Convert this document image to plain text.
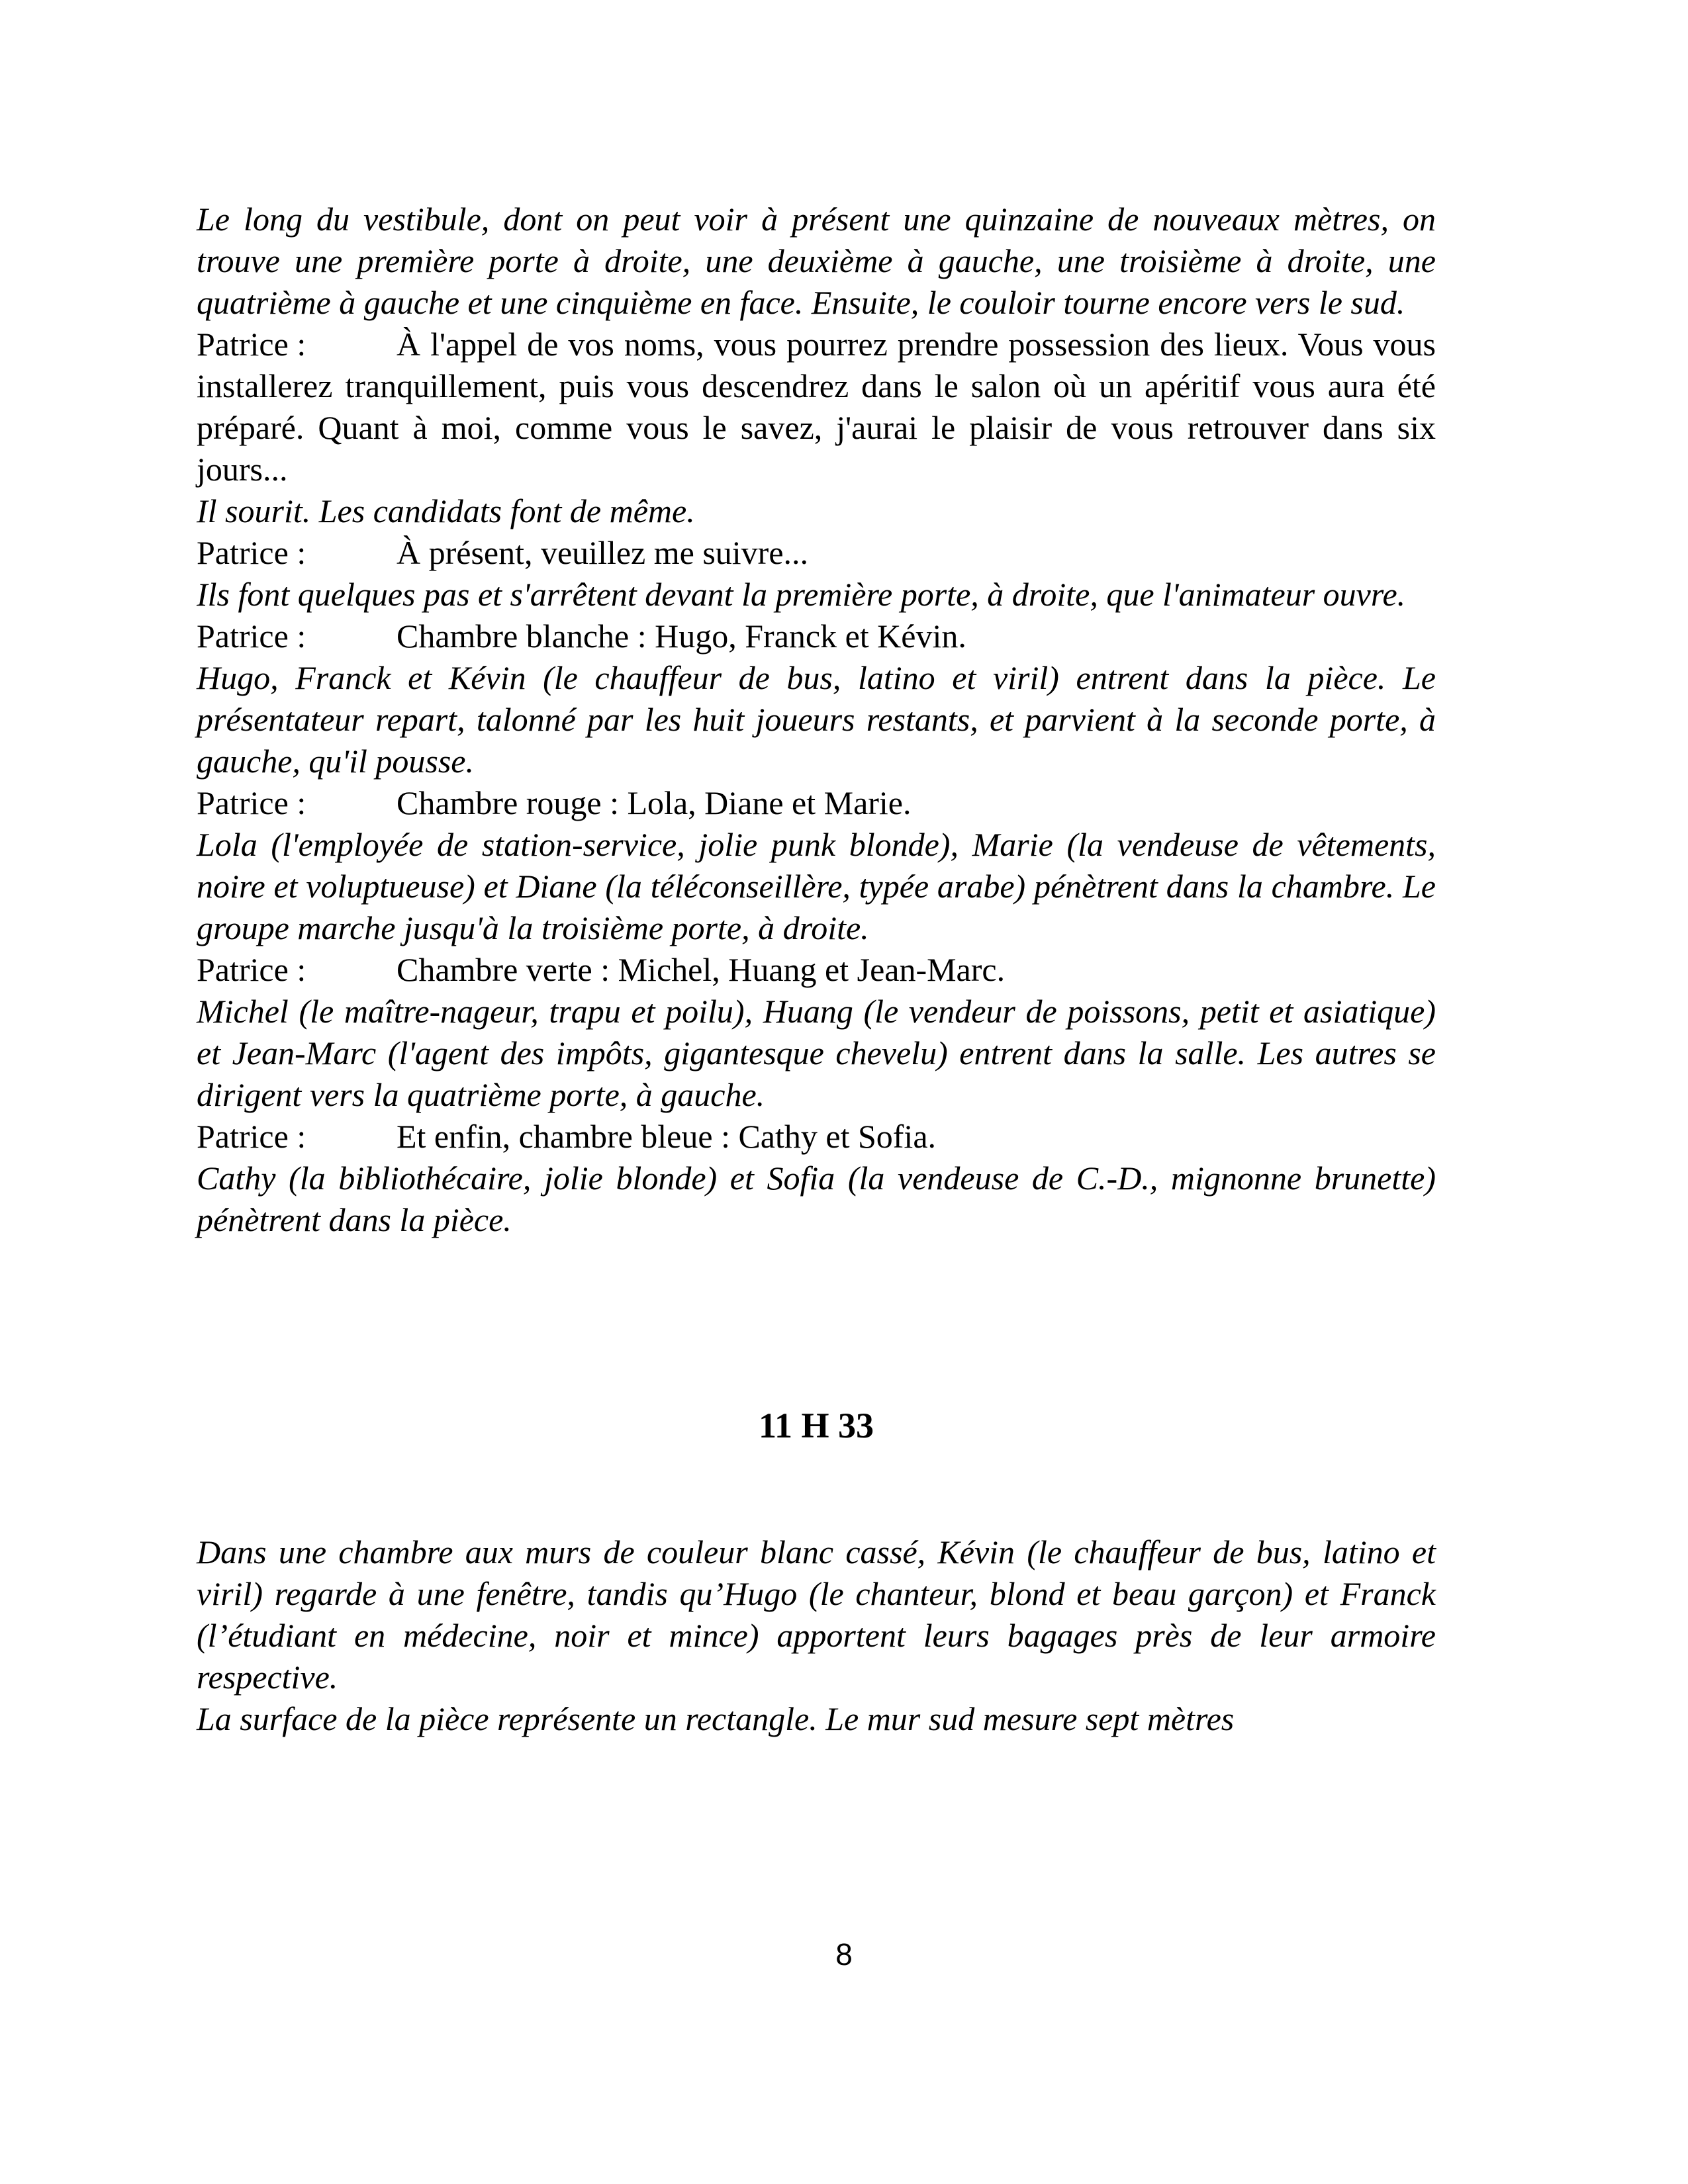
Le long du vestibule, dont on peut voir à présent une quinzaine de nouveaux mètres, on trouve une première porte à droite, une deuxième à gauche, une troisième à droite, une quatrième à gauche et une cinquième en face. Ensuite, le couloir tourne encore vers le sud.

Patrice :	À l'appel de vos noms, vous pourrez prendre possession des lieux. Vous vous installerez tranquillement, puis vous descendrez dans le salon où un apéritif vous aura été préparé. Quant à moi, comme vous le savez, j'aurai le plaisir de vous retrouver dans six jours...

Il sourit. Les candidats font de même.

Patrice :	À présent, veuillez me suivre...

Ils font quelques pas et s'arrêtent devant la première porte, à droite, que l'animateur ouvre.

Patrice :	Chambre blanche : Hugo, Franck et Kévin.

Hugo, Franck et Kévin (le chauffeur de bus, latino et viril) entrent dans la pièce. Le présentateur repart, talonné par les huit joueurs restants, et parvient à la seconde porte, à gauche, qu'il pousse.

Patrice :	Chambre rouge : Lola, Diane et Marie.

Lola (l'employée de station-service, jolie punk blonde), Marie (la vendeuse de vêtements, noire et voluptueuse) et Diane (la téléconseillère, typée arabe) pénètrent dans la chambre. Le groupe marche jusqu'à la troisième porte, à droite.

Patrice :	Chambre verte : Michel, Huang et Jean-Marc.

Michel (le maître-nageur, trapu et poilu), Huang (le vendeur de poissons, petit et asiatique) et Jean-Marc (l'agent des impôts, gigantesque chevelu) entrent dans la salle. Les autres se dirigent vers la quatrième porte, à gauche.

Patrice :	Et enfin, chambre bleue : Cathy et Sofia.

Cathy (la bibliothécaire, jolie blonde) et Sofia (la vendeuse de C.-D., mignonne brunette) pénètrent dans la pièce.

11 H 33

Dans une chambre aux murs de couleur blanc cassé, Kévin (le chauffeur de bus, latino et viril) regarde à une fenêtre, tandis qu’Hugo (le chanteur, blond et beau garçon) et Franck (l’étudiant en médecine, noir et mince) apportent leurs bagages près de leur armoire respective.

La surface de la pièce représente un rectangle. Le mur sud mesure sept mètres

8
